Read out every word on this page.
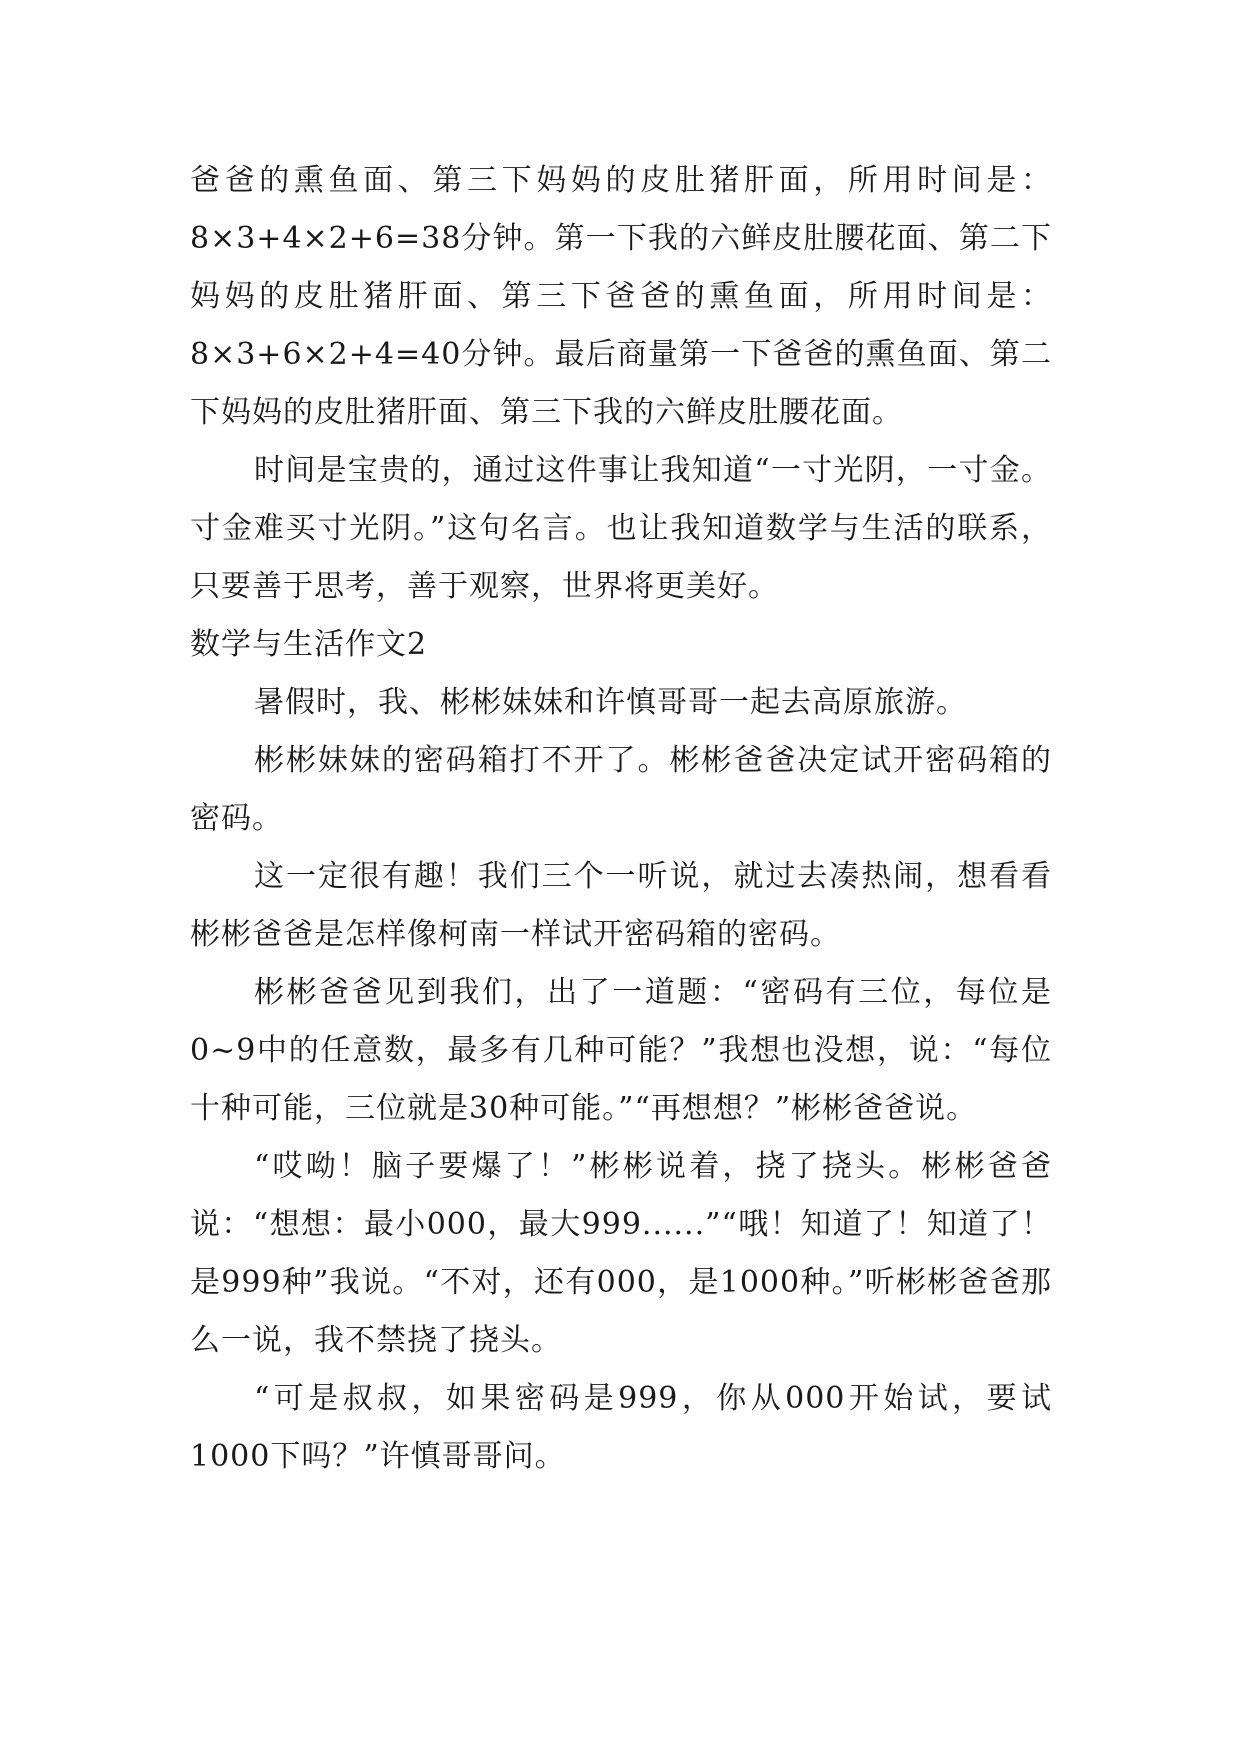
爸爸的熏鱼面、第三下妈妈的皮肚猪肝面，所用时间是：8×3+4×2+6=38分钟。第一下我的六鲜皮肚腰花面、第二下妈妈的皮肚猪肝面、第三下爸爸的熏鱼面，所用时间是：8×3+6×2+4=40分钟。最后商量第一下爸爸的熏鱼面、第二下妈妈的皮肚猪肝面、第三下我的六鲜皮肚腰花面。

时间是宝贵的，通过这件事让我知道“一寸光阴，一寸金。寸金难买寸光阴。”这句名言。也让我知道数学与生活的联系，只要善于思考，善于观察，世界将更美好。

数学与生活作文2

暑假时，我、彬彬妹妹和许慎哥哥一起去高原旅游。

彬彬妹妹的密码箱打不开了。彬彬爸爸决定试开密码箱的密码。

这一定很有趣！我们三个一听说，就过去凑热闹，想看看彬彬爸爸是怎样像柯南一样试开密码箱的密码。

彬彬爸爸见到我们，出了一道题：“密码有三位，每位是0~9中的任意数，最多有几种可能？”我想也没想，说：“每位十种可能，三位就是30种可能。”“再想想？”彬彬爸爸说。

“哎呦！脑子要爆了！”彬彬说着，挠了挠头。彬彬爸爸说：“想想：最小000，最大999......”“哦！知道了！知道了！是999种”我说。“不对，还有000，是1000种。”听彬彬爸爸那么一说，我不禁挠了挠头。

“可是叔叔，如果密码是999，你从000开始试，要试1000下吗？”许慎哥哥问。
